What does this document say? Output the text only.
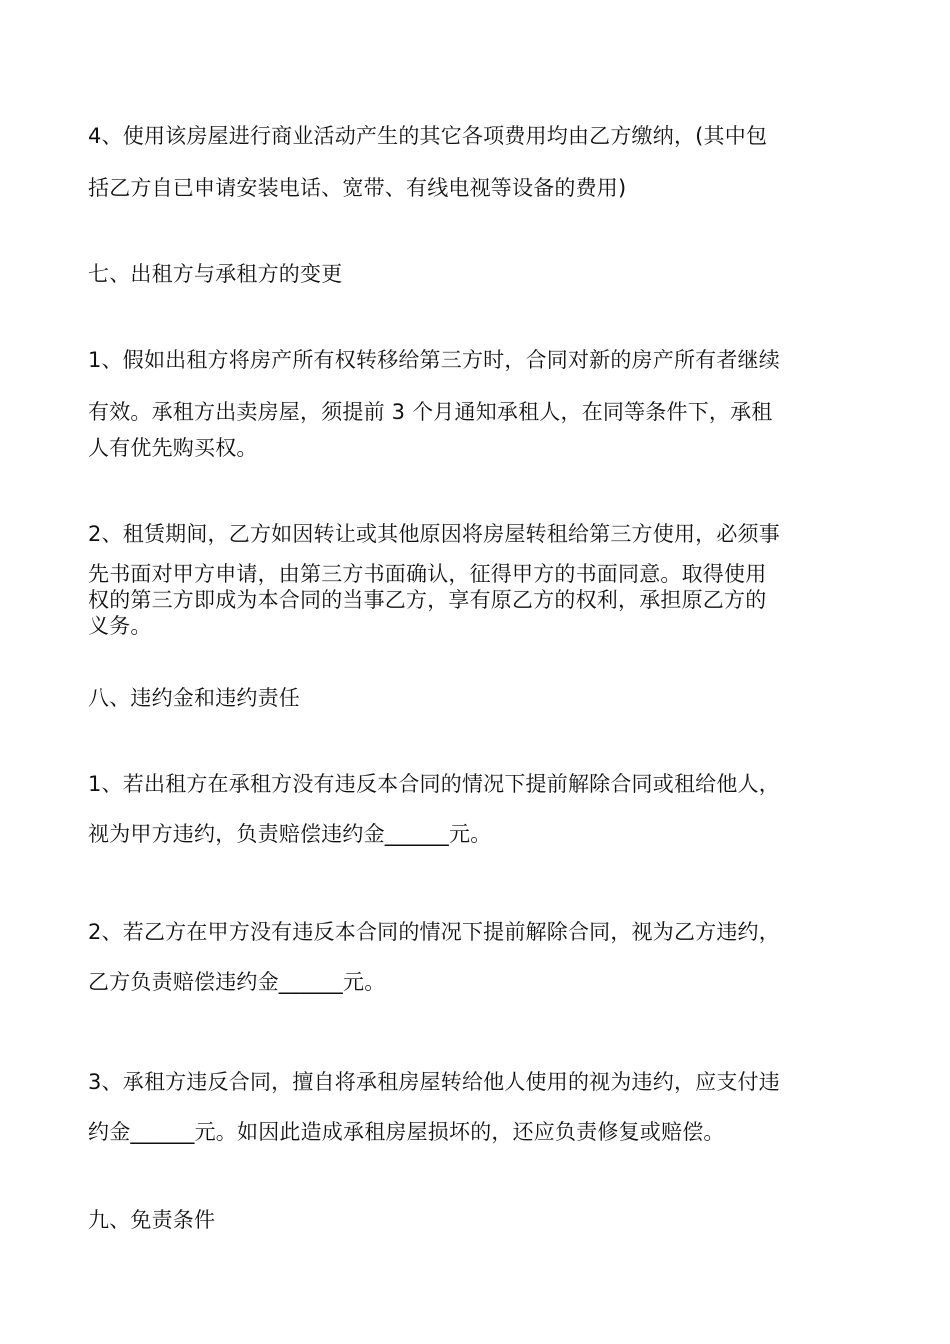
4、使用该房屋进行商业活动产生的其它各项费用均由乙方缴纳，(其中包
括乙方自已申请安装电话、宽带、有线电视等设备的费用)
七、出租方与承租方的变更
1、假如出租方将房产所有权转移给第三方时，合同对新的房产所有者继续
有效。承租方出卖房屋，须提前 3 个月通知承租人，在同等条件下，承租
人有优先购买权。
2、租赁期间，乙方如因转让或其他原因将房屋转租给第三方使用，必须事
先书面对甲方申请，由第三方书面确认，征得甲方的书面同意。取得使用
权的第三方即成为本合同的当事乙方，享有原乙方的权利，承担原乙方的
义务。
八、违约金和违约责任
1、若出租方在承租方没有违反本合同的情况下提前解除合同或租给他人，
视为甲方违约，负责赔偿违约金______元。
2、若乙方在甲方没有违反本合同的情况下提前解除合同，视为乙方违约，
乙方负责赔偿违约金______元。
3、承租方违反合同，擅自将承租房屋转给他人使用的视为违约，应支付违
约金______元。如因此造成承租房屋损坏的，还应负责修复或赔偿。
九、免责条件
